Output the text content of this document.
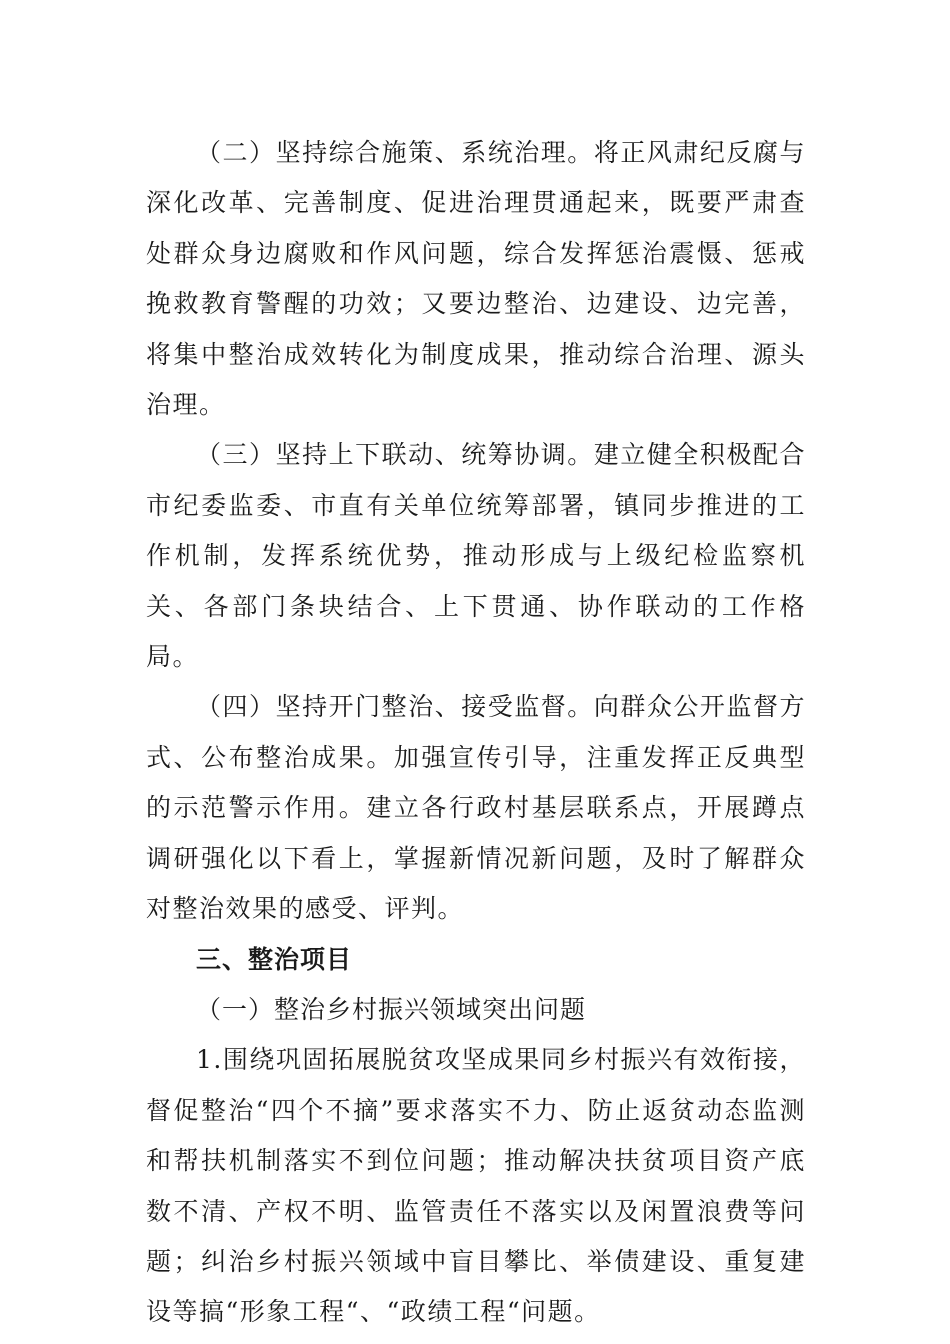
（二）坚持综合施策、系统治理。将正风肃纪反腐与深化改革、完善制度、促进治理贯通起来，既要严肃查处群众身边腐败和作风问题，综合发挥惩治震慑、惩戒挽救教育警醒的功效；又要边整治、边建设、边完善，将集中整治成效转化为制度成果，推动综合治理、源头治理。

（三）坚持上下联动、统筹协调。建立健全积极配合市纪委监委、市直有关单位统筹部署，镇同步推进的工作机制，发挥系统优势，推动形成与上级纪检监察机关、各部门条块结合、上下贯通、协作联动的工作格局。

（四）坚持开门整治、接受监督。向群众公开监督方式、公布整治成果。加强宣传引导，注重发挥正反典型的示范警示作用。建立各行政村基层联系点，开展蹲点调研强化以下看上，掌握新情况新问题，及时了解群众对整治效果的感受、评判。

三、整治项目

（一）整治乡村振兴领域突出问题

1.围绕巩固拓展脱贫攻坚成果同乡村振兴有效衔接，督促整治“四个不摘”要求落实不力、防止返贫动态监测和帮扶机制落实不到位问题；推动解决扶贫项目资产底数不清、产权不明、监管责任不落实以及闲置浪费等问题；纠治乡村振兴领域中盲目攀比、举债建设、重复建设等搞“形象工程“、“政绩工程“问题。
